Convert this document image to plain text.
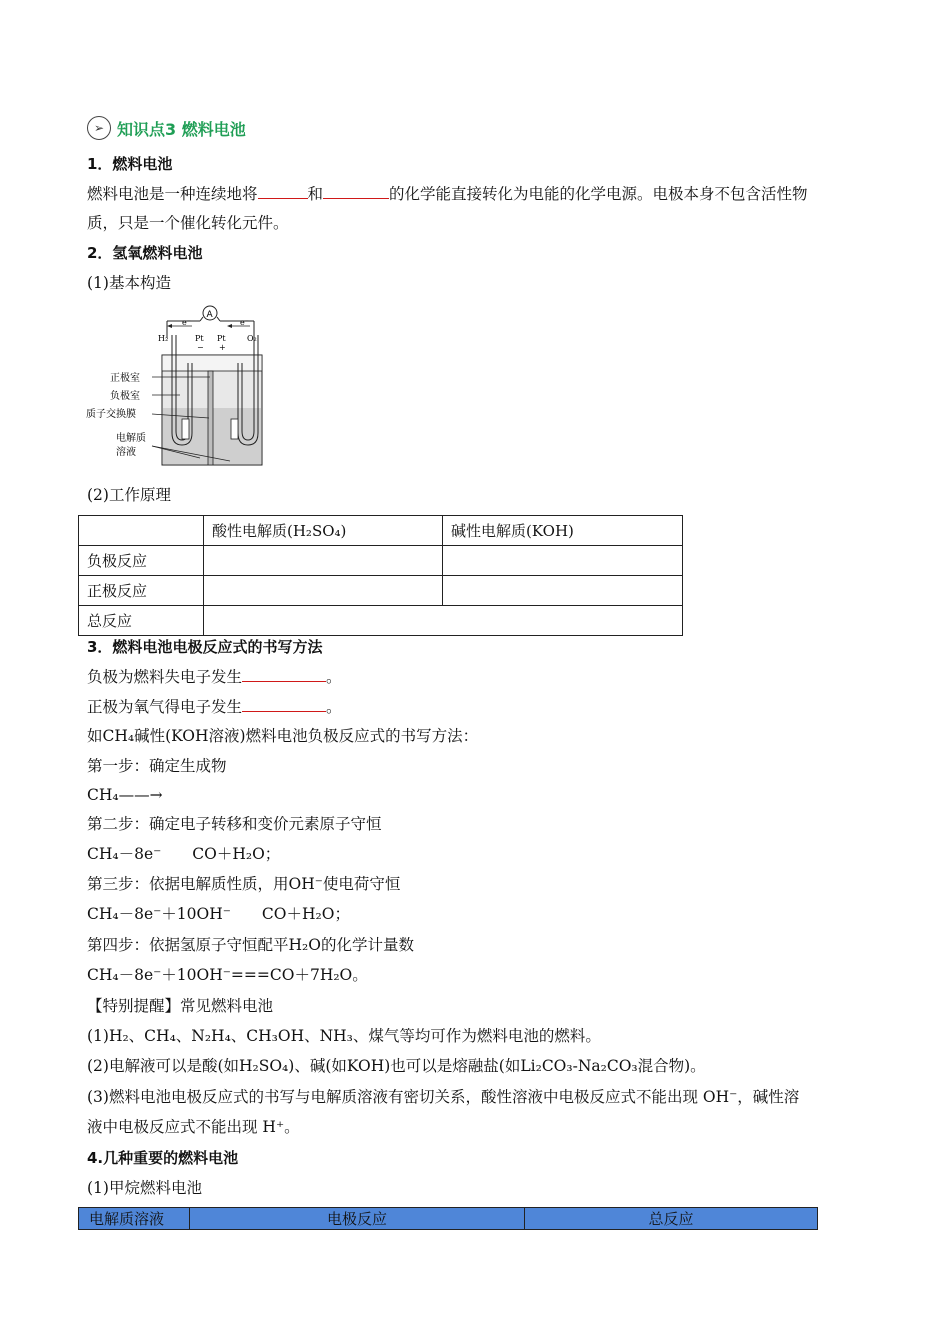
➢ 知识点3 燃料电池
1．燃料电池
燃料电池是一种连续地将	和	的化学能直接转化为电能的化学电源。电极本身不包含活性物
质，只是一个催化转化元件。
2．氢氧燃料电池
(1)基本构造
A
e⁻	e⁻
H₂	O₂
Pt Pt
− +
正极室
负极室
质子交换膜
电解质
溶液
(2)工作原理
	酸性电解质(H₂SO₄)	碱性电解质(KOH)
负极反应		
正极反应		
总反应		
3．燃料电池电极反应式的书写方法
负极为燃料失电子发生	。
正极为氧气得电子发生	。
如CH₄碱性(KOH溶液)燃料电池负极反应式的书写方法：
第一步：确定生成物
CH₄——→
第二步：确定电子转移和变价元素原子守恒
CH₄－8e⁻　　CO＋H₂O；
第三步：依据电解质性质，用OH⁻使电荷守恒
CH₄－8e⁻＋10OH⁻　　CO＋H₂O；
第四步：依据氢原子守恒配平H₂O的化学计量数
CH₄－8e⁻＋10OH⁻===CO＋7H₂O。
【特别提醒】常见燃料电池
(1)H₂、CH₄、N₂H₄、CH₃OH、NH₃、煤气等均可作为燃料电池的燃料。
(2)电解液可以是酸(如H₂SO₄)、碱(如KOH)也可以是熔融盐(如Li₂CO₃-Na₂CO₃混合物)。
(3)燃料电池电极反应式的书写与电解质溶液有密切关系，酸性溶液中电极反应式不能出现 OH⁻，碱性溶
液中电极反应式不能出现 H⁺。
4.几种重要的燃料电池
(1)甲烷燃料电池
电解质溶液	电极反应	总反应
